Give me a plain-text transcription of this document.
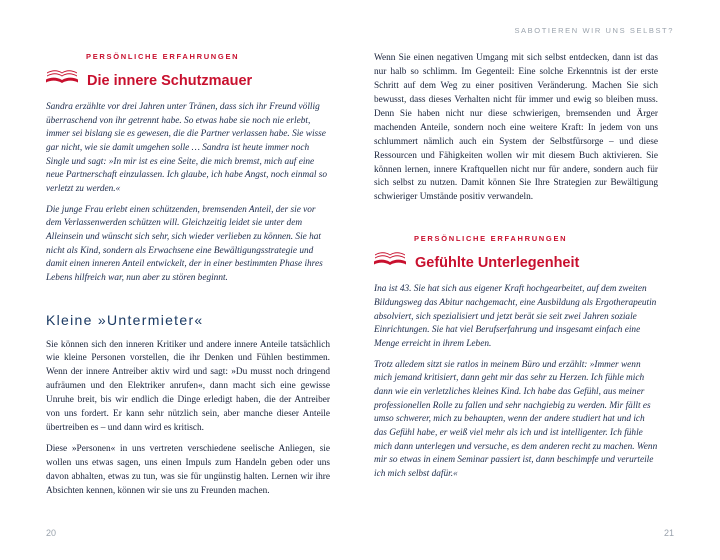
SABOTIEREN WIR UNS SELBST?
PERSÖNLICHE ERFAHRUNGEN
Die innere Schutzmauer

Sandra erzählte vor drei Jahren unter Tränen, dass sich ihr Freund völlig überraschend von ihr getrennt habe. So etwas habe sie noch nie erlebt, immer sei bislang sie es gewesen, die die Partner verlassen habe. Sie wisse gar nicht, wie sie damit umgehen solle … Sandra ist heute immer noch Single und sagt: »In mir ist es eine Seite, die mich bremst, mich auf eine neue Partnerschaft einzulassen. Ich glaube, ich habe Angst, noch einmal so verletzt zu werden.«

Die junge Frau erlebt einen schützenden, bremsenden Anteil, der sie vor dem Verlassenwerden schützen will. Gleichzeitig leidet sie unter dem Alleinsein und wünscht sich sehr, sich wieder verlieben zu können. Sie hat nicht als Kind, sondern als Erwachsene eine Bewältigungsstrategie und damit einen inneren Anteil entwickelt, der in einer bestimmten Phase ihres Lebens hilfreich war, nun aber zu stören beginnt.

Kleine »Untermieter«

Sie können sich den inneren Kritiker und andere innere Anteile tatsächlich wie kleine Personen vorstellen, die ihr Denken und Fühlen bestimmen. Wenn der innere Antreiber aktiv wird und sagt: »Du musst noch dringend aufräumen und den Elektriker anrufen«, dann macht sich eine gewisse Unruhe breit, bis wir endlich die Dinge erledigt haben, die der Antreiber von uns fordert. Er kann sehr nützlich sein, aber manche dieser Anteile übertreiben es – und dann wird es kritisch.

Diese »Personen« in uns vertreten verschiedene seelische Anliegen, sie wollen uns etwas sagen, uns einen Impuls zum Handeln geben oder uns davon abhalten, etwas zu tun, was sie für ungünstig halten. Lernen wir ihre Absichten kennen, können wir sie uns zu Freunden machen.

Wenn Sie einen negativen Umgang mit sich selbst entdecken, dann ist das nur halb so schlimm. Im Gegenteil: Eine solche Erkenntnis ist der erste Schritt auf dem Weg zu einer positiven Veränderung. Machen Sie sich bewusst, dass dieses Verhalten nicht für immer und ewig so bleiben muss. Denn Sie haben nicht nur diese schwierigen, bremsenden und Ärger machenden Anteile, sondern noch eine weitere Kraft: In jedem von uns schlummert nämlich auch ein System der Selbstfürsorge – und diese Ressourcen und Fähigkeiten wollen wir mit diesem Buch aktivieren. Sie können lernen, innere Kraftquellen nicht nur für andere, sondern auch für sich selbst zu nutzen. Damit können Sie Ihre Strategien zur Bewältigung schwieriger Umstände positiv verwandeln.

PERSÖNLICHE ERFAHRUNGEN
Gefühlte Unterlegenheit

Ina ist 43. Sie hat sich aus eigener Kraft hochgearbeitet, auf dem zweiten Bildungsweg das Abitur nachgemacht, eine Ausbildung als Ergotherapeutin absolviert, sich spezialisiert und jetzt berät sie seit zwei Jahren soziale Einrichtungen. Sie hat viel Berufserfahrung und insgesamt einfach eine Menge erreicht in ihrem Leben.

Trotz alledem sitzt sie ratlos in meinem Büro und erzählt: »Immer wenn mich jemand kritisiert, dann geht mir das sehr zu Herzen. Ich fühle mich dann wie ein verletzliches kleines Kind. Ich habe das Gefühl, aus meiner professionellen Rolle zu fallen und sehr nachgiebig zu werden. Mir fällt es umso schwerer, mich zu behaupten, wenn der andere studiert hat und ich das Gefühl habe, er weiß viel mehr als ich und ist intelligenter. Ich fühle mich dann unterlegen und versuche, es dem anderen recht zu machen. Wenn mir so etwas in einem Seminar passiert ist, dann beschimpfe und verurteile ich mich selbst dafür.«

20	21
